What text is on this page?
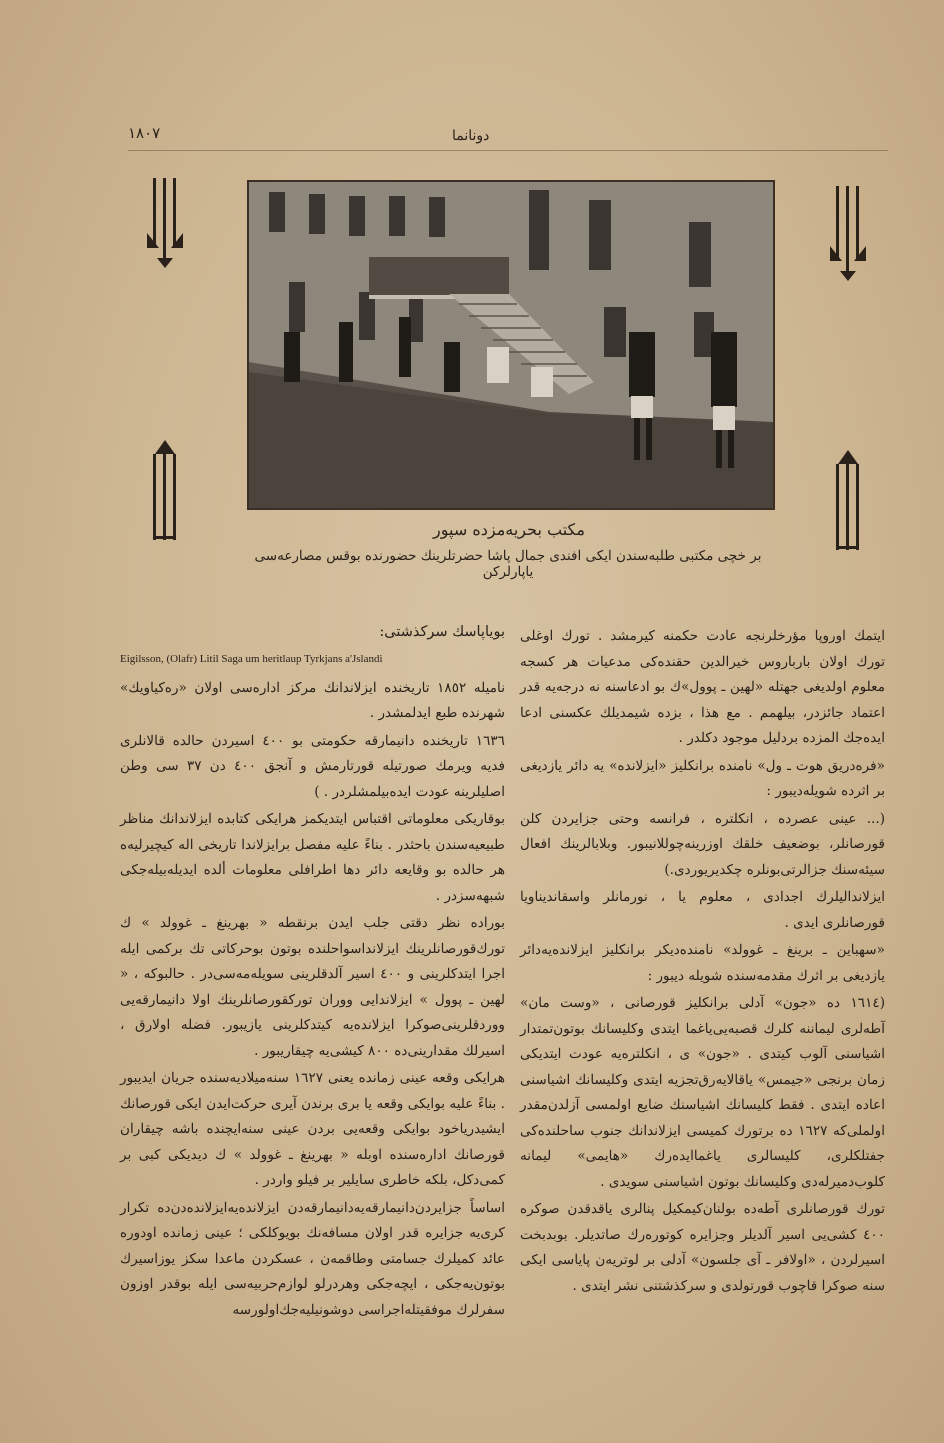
١٨٠٧	دونانما
مكتب بحريه‌مزده سپور
بر خچی مکتبی طلبه‌سندن ایکی افندی جمال پاشا حضرتلرینك حضورنده بوقس مصارعه‌سی یاپارلرکن

ایتمك اوروپا مؤرخلرنجه عادت حكمنه كیرمشد . تورك اوغلی تورك اولان بارباروس خیرالدین حقنده‌كی مدعیات هر كسجه معلوم اولدیغی جهتله «لهین ـ پوول»ك بو ادعاسنه نه درجه‌یه قدر اعتماد جائزدر، بیلهمم . مع هذا ، بزده شیمدیلك عکسنی ادعا ایده‌جك المزده بردلیل موجود دكلدر .

«فره‌دریق هوت ـ ول» نامنده برانكلیز «ایزلانده» یه دائر یازدیغی بر اثرده شویله‌دیبور :

(... عینی عصرده ، انكلتره ، فرانسه وحتی جزایردن كلن قورصانلر، بوضعیف خلقك اوزرینه‌چوللانیبور. وبلابالرینك افعال سیئه‌سنك جزالرتی‌بونلره چكدیریوردی.)

ایزلاندالیلرك اجدادی ، معلوم یا ، نورمانلر واسقاندیناویا قورصانلری ایدی .

«سهباین ـ برینغ ـ غوولد» نامنده‌دیكر برانكلیز ایزلانده‌یه‌دائر یازدیغی بر اثرك مقدمه‌سنده شویله دیبور :

(١٦١٤ ده «جون» آدلی برانكلیز قورصانی ، «وست مان» آطه‌لری لیماننه كلرك قصبه‌یی‌یاغما ایتدی وكلیسانك بوتون‌تمتدار اشیاسنی آلوب كیتدی . «جون» ی ، انكلتره‌یه عودت ایتدیكی زمان برنجی «جیمس» یاقالایه‌رق‌تجزیه ایتدی وكلیسانك اشیاسنی اعاده ایتدی . فقط كلیسانك اشیاسنك ضایع اولمسی آزلدن‌مقدر اولملی‌كه ١٦٢٧ ده برتورك كمیسی ایزلاندانك جنوب ساحلنده‌كی جفتلكلری، كلیسالری یاغماایده‌رك «هایمی» لیمانه كلوب‌دمیرله‌دی وكلیسانك بوتون اشیاسنی سویدی .

تورك قورصانلری آطه‌ده بولنان‌كیمكیل پنالری یاقدقدن صوكره ٤٠٠ كشی‌یی اسیر آلدیلر وجزایره كوتوره‌رك صاتدیلر. بوبدبخت اسیرلردن ، «اولافر ـ آی جلسون» آدلی بر لوتریه‌ن پایاسی ایكی سنه صوكرا قاچوب قورتولدی و سركذشتنی نشر ایتدی .

بویاپاسك سركذشتی:
Eigilsson, (Olafr) Litil Saga um heritlaup Tyrkjans a'Jslandi

نامیله ١٨٥٢ تاریخنده ایزلاندانك مركز اداره‌سی اولان «ره‌كیاویك» شهرنده طبع ایدلمشدر .

١٦٣٦ تاریخنده دانیمارقه حكومتی بو ٤٠٠ اسیردن حالده قالانلری فدیه ویرمك صورتیله قورتارمش و آنجق ٤٠٠ دن ٣٧ سی وطن اصلیلرینه عودت ایده‌بیلمشلردر . )

بوقاریكی معلوماتی اقتباس ایتدیكمز هرایكی كتابده ایزلاندانك مناظر طبیعیه‌سندن باحثدر . بناءً علیه مفصل برایزلاندا تاریخی اله كیچیرلیه‌ه هر حالده بو وقایعه دائر دها اطرافلی معلومات ألده ایدیله‌بیله‌جكی شبهه‌سزدر .

بوراده نظر دقتی جلب ایدن برنقطه « بهرینغ ـ غوولد » ك تورك‌قورصانلرینك ایزلانداسواحلنده بوتون بوحركاتی تك بركمی ایله اجرا ایتدكلرینی و ٤٠٠ اسیر آلدقلرینی سویله‌مه‌سی‌در . حالبوكه ، « لهین ـ پوول » ایزلاندایی ووران توركقورصانلرینك اولا دانیمارقه‌یی ووردقلرینی‌صوكرا ایزلانده‌یه كیتدكلرینی یازیبور. فضله اولارق ، اسیرلك مقدارینی‌ده ٨٠٠ كیشی‌یه چیقاریبور .

هرایكی وقعه عینی زمانده یعنی ١٦٢٧ سنه‌میلادیه‌سنده جریان ایدیبور . بناءً علیه بوایكی وقعه یا بری برندن آیری حركت‌ایدن ایكی قورصانك ایشیدریاخود بوایكی وقعه‌یی بردن عینی سنه‌ایچنده باشه چیقاران قورصانك اداره‌سنده اوبله « بهرینغ ـ غوولد » ك دیدیكی كبی بر كمی‌دكل، بلكه خاطری سایلیر بر فیلو واردر .

اساساً جزایردن‌دانیمارقه‌یه‌دانیمارقه‌دن ایزلانده‌یه‌ایزلانده‌دن‌ده تكرار كری‌یه جزایره قدر اولان مسافه‌نك بویوكلكی ؛ عینی زمانده اودوره عائد كمیلرك جسامتی وطاقمه‌ن ، عسكردن ماعدا سكز یوزاسیرك بوتون‌یه‌جكی ، ایچه‌جكی وهردرلو لوازم‌حربیه‌سی ایله بوقدر اوزون سفرلرك موفقیتله‌اجراسی دوشونیلیه‌جك‌اولورسه
